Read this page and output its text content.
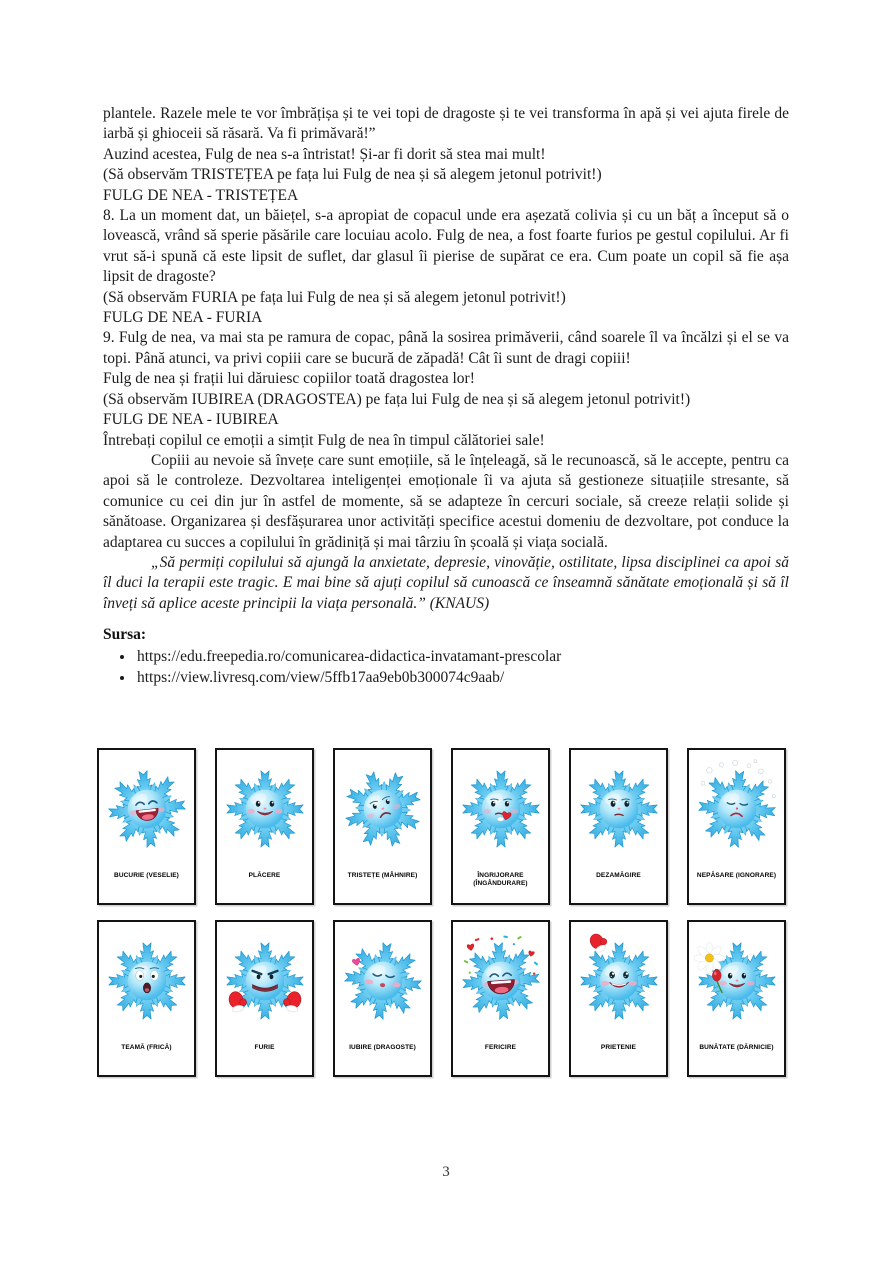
plantele. Razele mele te vor îmbrățișa și te vei topi de dragoste și te vei transforma în apă și vei ajuta firele de iarbă și ghioceii să răsară. Va fi primăvară!”

Auzind acestea, Fulg de nea s-a întristat! Și-ar fi dorit să stea mai mult!

(Să observăm TRISTEȚEA pe fața lui Fulg de nea și să alegem jetonul potrivit!)

FULG DE NEA - TRISTEȚEA

8. La un moment dat, un băiețel, s-a apropiat de copacul unde era așezată colivia și cu un băț a început să o lovească, vrând să sperie păsările care locuiau acolo. Fulg de nea, a fost foarte furios pe gestul copilului. Ar fi vrut să-i spună că este lipsit de suflet, dar glasul îi pierise de supărat ce era. Cum poate un copil să fie așa lipsit de dragoste?

(Să observăm FURIA pe fața lui Fulg de nea și să alegem jetonul potrivit!)

FULG DE NEA - FURIA

9. Fulg de nea, va mai sta pe ramura de copac, până la sosirea primăverii, când soarele îl va încălzi și el se va topi. Până atunci, va privi copiii care se bucură de zăpadă! Cât îi sunt de dragi copiii!

Fulg de nea și frații lui dăruiesc copiilor toată dragostea lor!

(Să observăm IUBIREA (DRAGOSTEA) pe fața lui Fulg de nea și să alegem jetonul potrivit!)

FULG DE NEA - IUBIREA

Întrebați copilul ce emoții a simțit Fulg de nea în timpul călătoriei sale!

Copiii au nevoie să învețe care sunt emoțiile, să le înțeleagă, să le recunoască, să le accepte, pentru ca apoi să le controleze. Dezvoltarea inteligenței emoționale îi va ajuta să gestioneze situațiile stresante, să comunice cu cei din jur în astfel de momente, să se adapteze în cercuri sociale, să creeze relații solide și sănătoase. Organizarea și desfășurarea unor activități specifice acestui domeniu de dezvoltare, pot conduce la adaptarea cu succes a copilului în grădiniță și mai târziu în școală și viața socială.

„Să permiți copilului să ajungă la anxietate, depresie, vinovăție, ostilitate, lipsa disciplinei ca apoi să îl duci la terapii este tragic. E mai bine să ajuți copilul să cunoască ce înseamnă sănătate emoțională și să îl înveți să aplice aceste principii la viața personală.” (KNAUS)

Sursa:
• https://edu.freepedia.ro/comunicarea-didactica-invatamant-prescolar
• https://view.livresq.com/view/5ffb17aa9eb0b300074c9aab/
BUCURIE (VESELIE)	PLĂCERE	TRISTEȚE (MÂHNIRE)	ÎNGRIJORARE (ÎNGÂNDURARE)
DEZAMĂGIRE	NEPĂSARE (IGNORARE)
TEAMĂ (FRICĂ)	FURIE	IUBIRE (DRAGOSTE)	FERICIRE	PRIETENIE	BUNĂTATE (DĂRNICIE)
3
